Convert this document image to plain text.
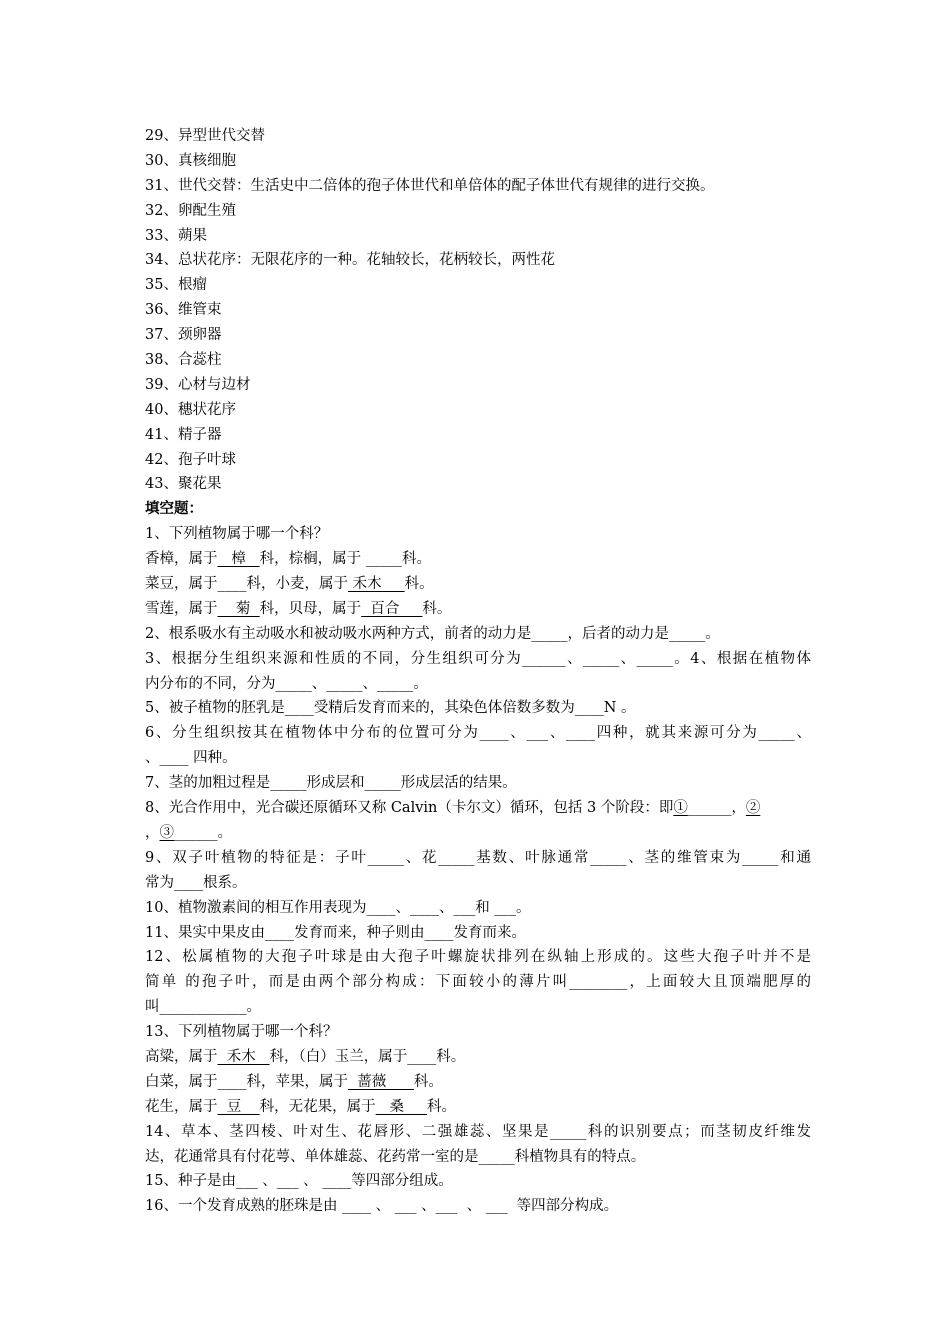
29、异型世代交替
30、真核细胞
31、世代交替：生活史中二倍体的孢子体世代和单倍体的配子体世代有规律的进行交换。
32、卵配生殖
33、蒴果
34、总状花序：无限花序的一种。花轴较长，花柄较长，两性花
35、根瘤
36、维管束
37、颈卵器
38、合蕊柱
39、心材与边材
40、穗状花序
41、精子器
42、孢子叶球
43、聚花果
填空题：
1、下列植物属于哪一个科？
香樟，属于   樟   科，棕榈，属于 _____科。
菜豆，属于____科，小麦，属于 禾木     科。
雪莲，属于    菊  科，贝母，属于  百合     科。
2、根系吸水有主动吸水和被动吸水两种方式，前者的动力是_____，后者的动力是_____。
3、根据分生组织来源和性质的不同，分生组织可分为______、_____、_____。4、根据在植物体
内分布的不同，分为_____、_____、_____。
5、被子植物的胚乳是____受精后发育而来的，其染色体倍数多数为____N 。
6、分生组织按其在植物体中分布的位置可分为____、___、____四种，就其来源可分为_____、
、____ 四种。
7、茎的加粗过程是_____形成层和_____形成层活的结果。
8、光合作用中，光合碳还原循环又称 Calvin（卡尔文）循环，包括 3 个阶段：即①______，②
，③______。
9、双子叶植物的特征是：子叶_____、花_____基数、叶脉通常_____、茎的维管束为_____和通
常为____根系。
10、植物激素间的相互作用表现为____、____、___和 ___。
11、果实中果皮由____发育而来，种子则由____发育而来。
12、松属植物的大孢子叶球是由大孢子叶螺旋状排列在纵轴上形成的。这些大孢子叶并不是
简单 的孢子叶，而是由两个部分构成：下面较小的薄片叫________，上面较大且顶端肥厚的
叫____________。
13、下列植物属于哪一个科？
高粱，属于  禾木   科，（白）玉兰，属于____科。
白菜，属于____科，苹果，属于  蔷薇      科。
花生，属于  豆    科，无花果，属于   桑     科。
14、草本、茎四棱、叶对生、花唇形、二强雄蕊、坚果是_____科的识别要点；而茎韧皮纤维发
达，花通常具有付花萼、单体雄蕊、花药常一室的是_____科植物具有的特点。
15、种子是由___ 、___ 、 ____等四部分组成。
16、一个发育成熟的胚珠是由 ____ 、 ___ 、___  、 ___  等四部分构成。
